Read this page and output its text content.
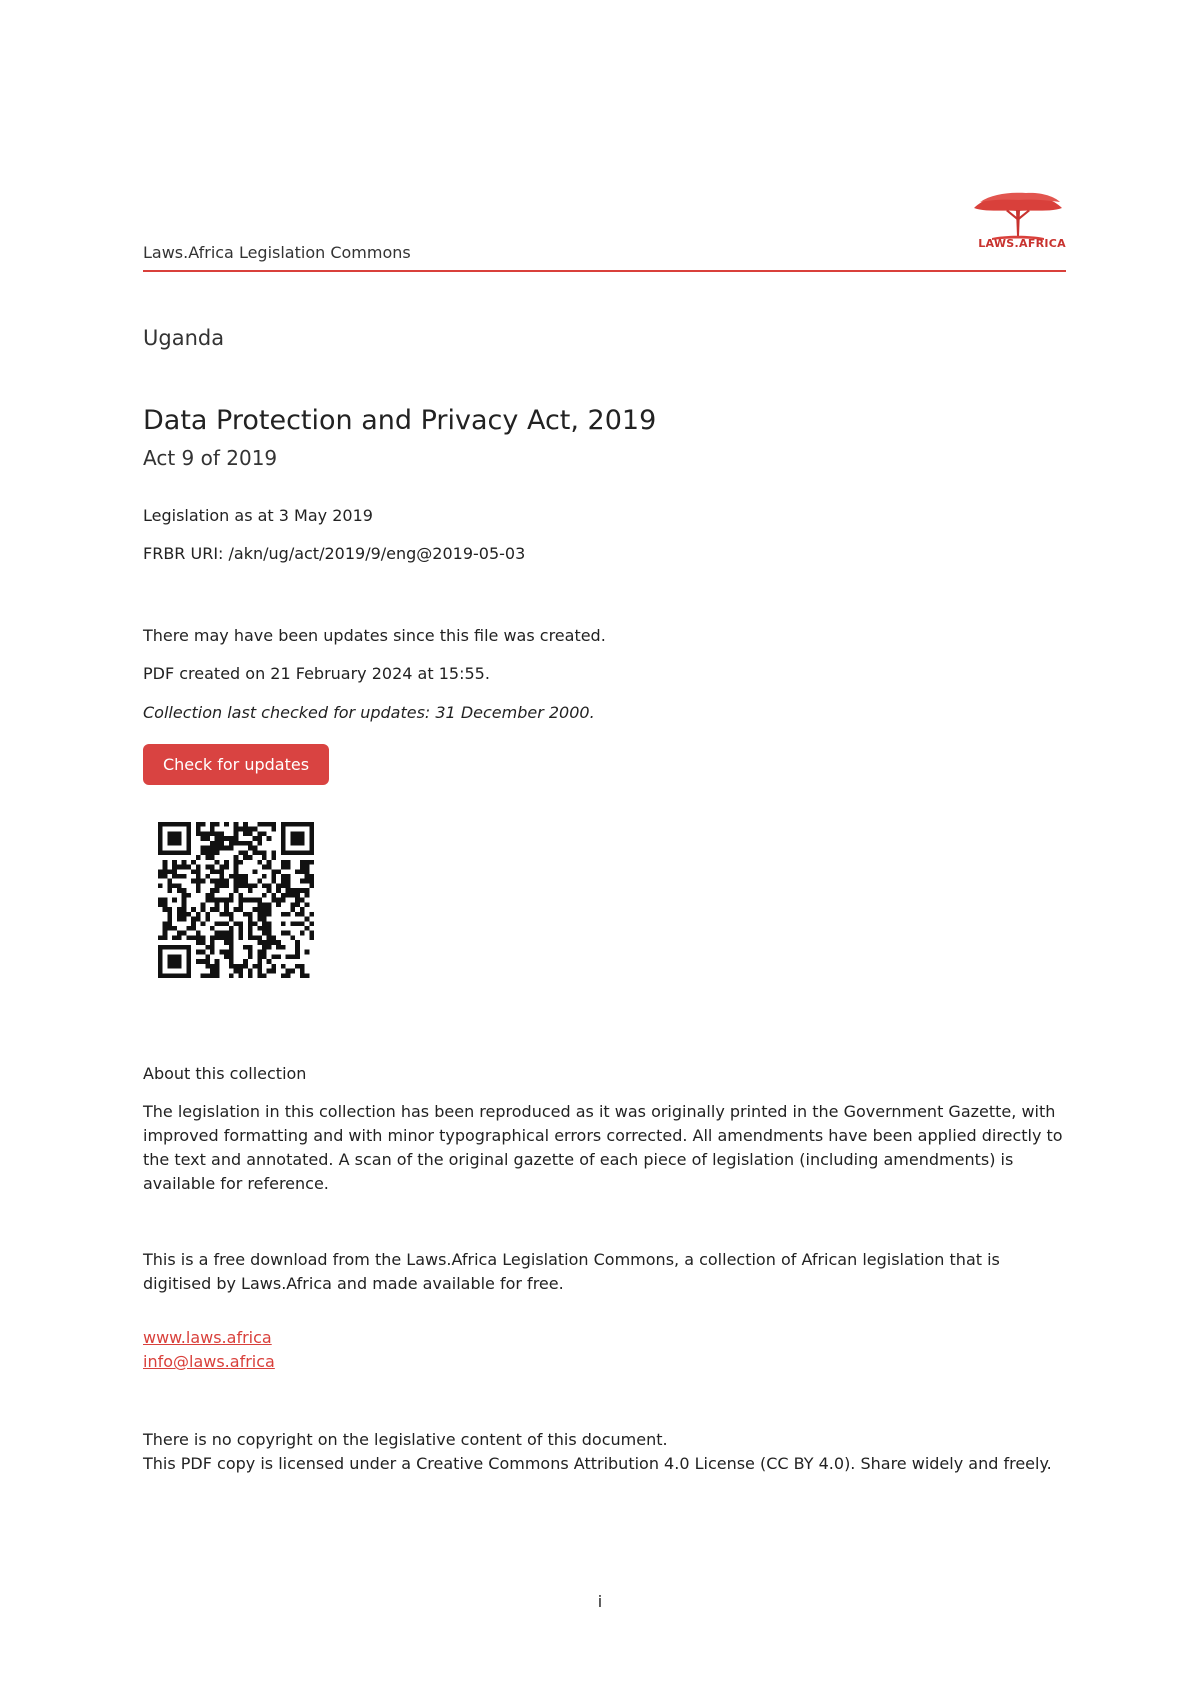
Laws.Africa Legislation Commons	LAWS.AFRICA
Uganda
Data Protection and Privacy Act, 2019
Act 9 of 2019
Legislation as at 3 May 2019
FRBR URI: /akn/ug/act/2019/9/eng@2019-05-03
There may have been updates since this file was created.
PDF created on 21 February 2024 at 15:55.
Collection last checked for updates: 31 December 2000.
Check for updates
About this collection
The legislation in this collection has been reproduced as it was originally printed in the Government Gazette, with improved formatting and with minor typographical errors corrected. All amendments have been applied directly to the text and annotated. A scan of the original gazette of each piece of legislation (including amendments) is available for reference.
This is a free download from the Laws.Africa Legislation Commons, a collection of African legislation that is digitised by Laws.Africa and made available for free.
www.laws.africa
info@laws.africa
There is no copyright on the legislative content of this document.
This PDF copy is licensed under a Creative Commons Attribution 4.0 License (CC BY 4.0). Share widely and freely.
i
